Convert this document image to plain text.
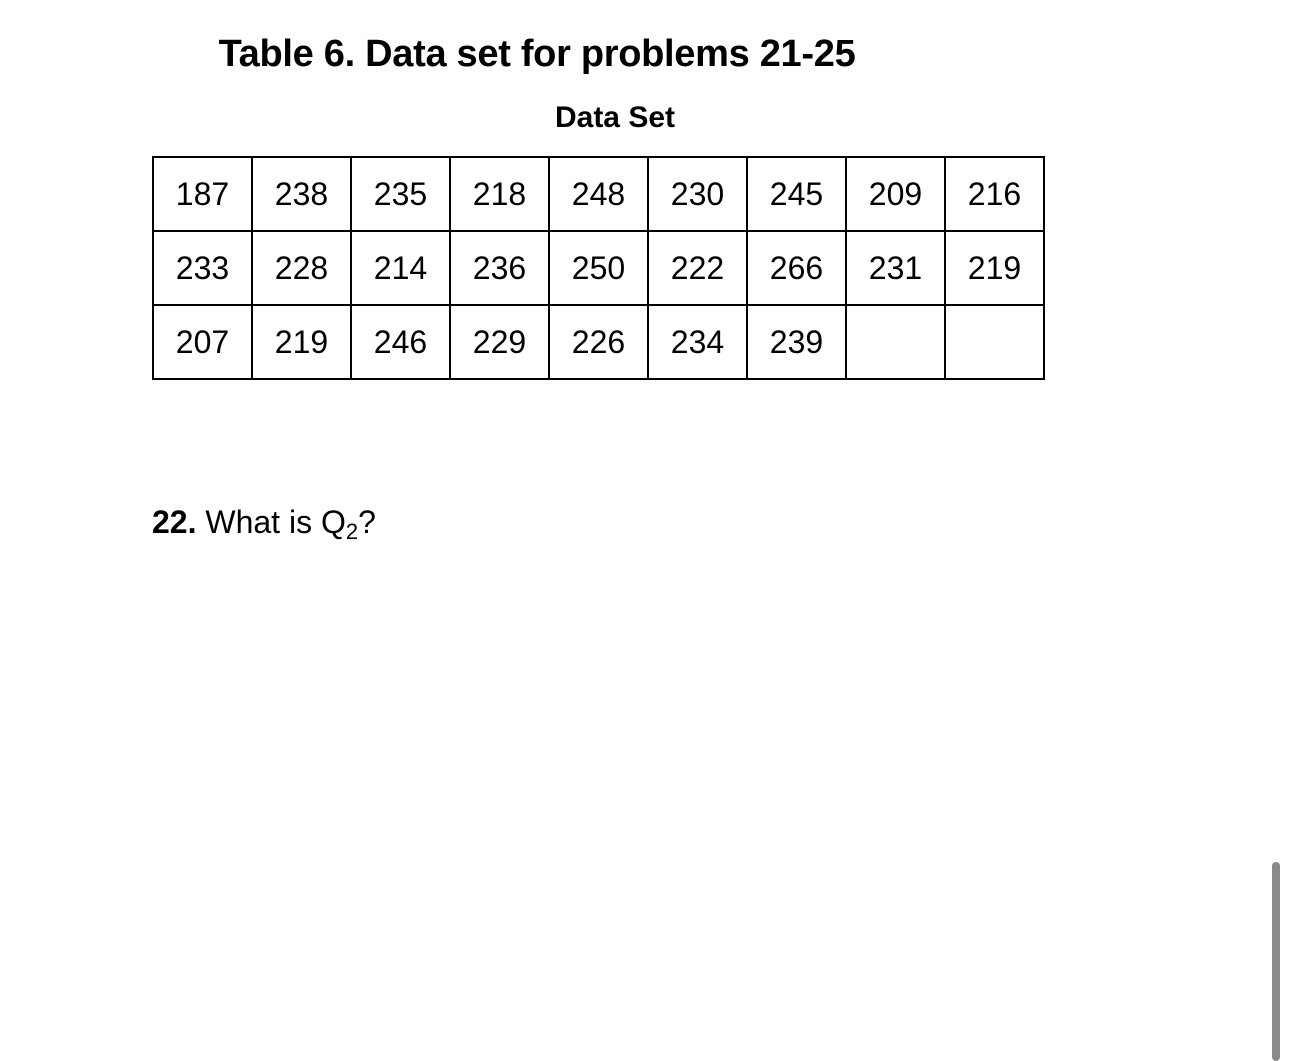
Table 6. Data set for problems 21-25
Data Set
187	238	235	218	248	230	245	209	216
233	228	214	236	250	222	266	231	219
207	219	246	229	226	234	239		
22. What is $Q_2$?
